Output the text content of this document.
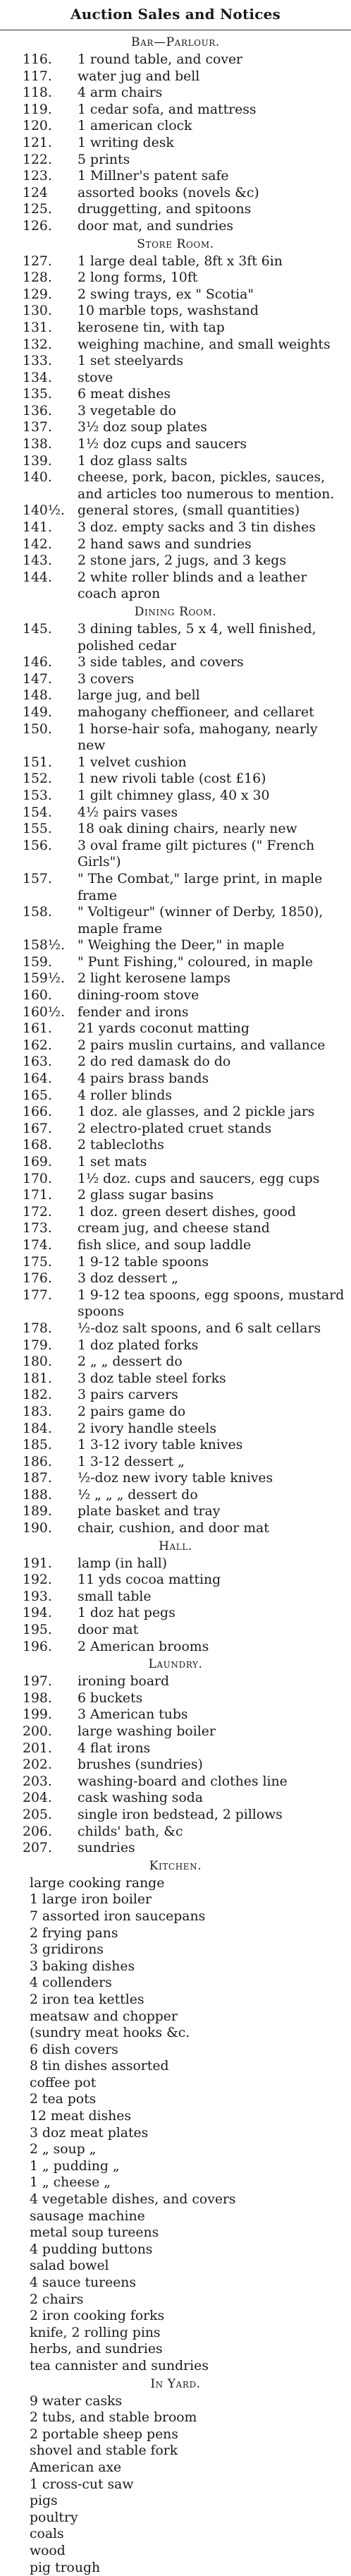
Auction Sales and Notices
Bar—Parlour.
116.	1 round table, and cover
117.	water jug and bell
118.	4 arm chairs
119.	1 cedar sofa, and mattress
120.	1 american clock
121.	1 writing desk
122.	5 prints
123.	1 Millner's patent safe
124	assorted books (novels &c)
125.	druggetting, and spitoons
126.	door mat, and sundries
Store Room.
127.	1 large deal table, 8ft x 3ft 6in
128.	2 long forms, 10ft
129.	2 swing trays, ex " Scotia"
130.	10 marble tops, washstand
131.	kerosene tin, with tap
132.	weighing machine, and small weights
133.	1 set steelyards
134.	stove
135.	6 meat dishes
136.	3 vegetable do
137.	3½ doz soup plates
138.	1½ doz cups and saucers
139.	1 doz glass salts
140.	cheese, pork, bacon, pickles, sauces, and articles too numerous to mention.
140½. general stores, (small quantities)
141.	3 doz. empty sacks and 3 tin dishes
142.	2 hand saws and sundries
143.	2 stone jars, 2 jugs, and 3 kegs
144.	2 white roller blinds and a leather coach apron
Dining Room.
145.	3 dining tables, 5 x 4, well finished, polished cedar
146.	3 side tables, and covers
147.	3 covers
148.	large jug, and bell
149.	mahogany cheffioneer, and cellaret
150.	1 horse-hair sofa, mahogany, nearly new
151.	1 velvet cushion
152.	1 new rivoli table (cost £16)
153.	1 gilt chimney glass, 40 x 30
154.	4½ pairs vases
155.	18 oak dining chairs, nearly new
156.	3 oval frame gilt pictures (" French Girls")
157.	" The Combat," large print, in maple frame
158.	" Voltigeur" (winner of Derby, 1850), maple frame
158½. " Weighing the Deer," in maple
159.	" Punt Fishing," coloured, in maple
159½. 2 light kerosene lamps
160.	dining-room stove
160½. fender and irons
161.	21 yards coconut matting
162.	2 pairs muslin curtains, and vallance
163.	2 do red damask do do
164.	4 pairs brass bands
165.	4 roller blinds
166.	1 doz. ale glasses, and 2 pickle jars
167.	2 electro-plated cruet stands
168.	2 tablecloths
169.	1 set mats
170.	1½ doz. cups and saucers, egg cups
171.	2 glass sugar basins
172.	1 doz. green desert dishes, good
173.	cream jug, and cheese stand
174.	fish slice, and soup laddle
175.	1 9-12 table spoons
176.	3 doz dessert „
177.	1 9-12 tea spoons, egg spoons, mustard spoons
178.	½-doz salt spoons, and 6 salt cellars
179.	1 doz plated forks
180.	2 „ „ dessert do
181.	3 doz table steel forks
182.	3 pairs carvers
183.	2 pairs game do
184.	2 ivory handle steels
185.	1 3-12 ivory table knives
186.	1 3-12 dessert „
187.	½-doz new ivory table knives
188.	½ „ „ „ dessert do
189.	plate basket and tray
190.	chair, cushion, and door mat
Hall.
191.	lamp (in hall)
192.	11 yds cocoa matting
193.	small table
194.	1 doz hat pegs
195.	door mat
196.	2 American brooms
Laundry.
197.	ironing board
198.	6 buckets
199.	3 American tubs
200.	large washing boiler
201.	4 flat irons
202.	brushes (sundries)
203.	washing-board and clothes line
204.	cask washing soda
205.	single iron bedstead, 2 pillows
206.	childs' bath, &c
207.	sundries
Kitchen.
large cooking range
1 large iron boiler
7 assorted iron saucepans
2 frying pans
3 gridirons
3 baking dishes
4 collenders
2 iron tea kettles
meatsaw and chopper
(sundry meat hooks &c.
6 dish covers
8 tin dishes assorted
coffee pot
2 tea pots
12 meat dishes
3 doz meat plates
2 „ soup „
1 „ pudding „
1 „ cheese „
4 vegetable dishes, and covers
sausage machine
metal soup tureens
4 pudding buttons
salad bowel
4 sauce tureens
2 chairs
2 iron cooking forks
knife, 2 rolling pins
herbs, and sundries
tea cannister and sundries
In Yard.
9 water casks
2 tubs, and stable broom
2 portable sheep pens
shovel and stable fork
American axe
1 cross-cut saw
pigs
poultry
coals
wood
pig trough
